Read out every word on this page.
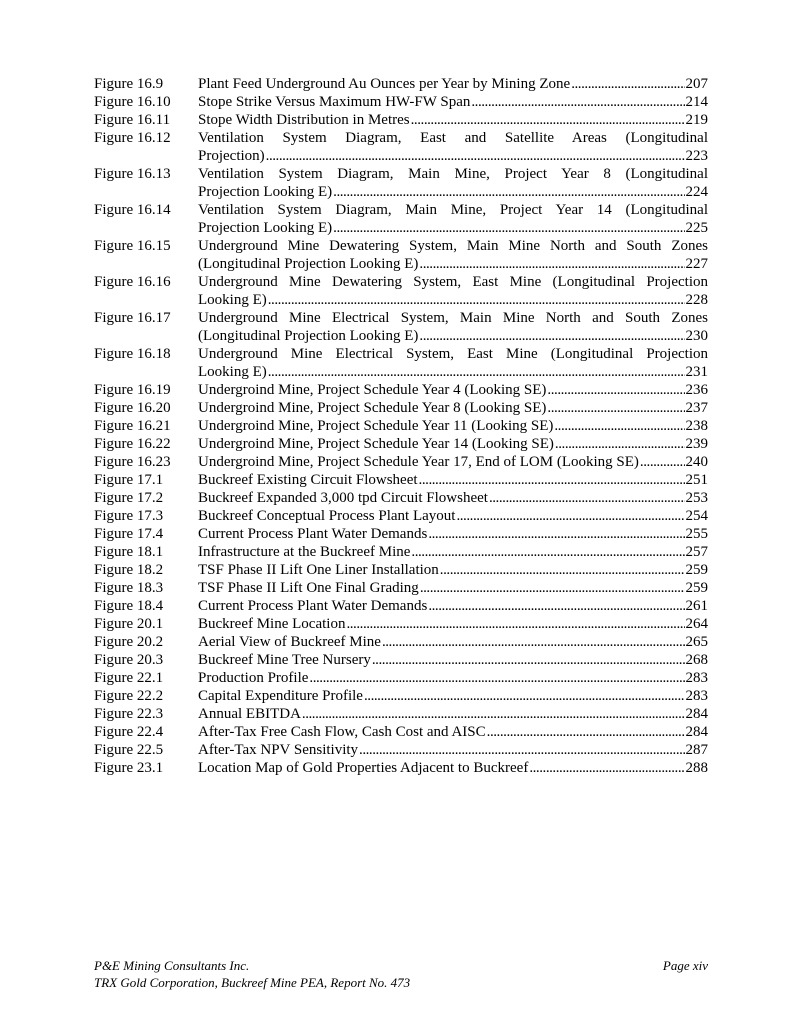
Figure 16.9	Plant Feed Underground Au Ounces per Year by Mining Zone . . .	207
Figure 16.10	Stope Strike Versus Maximum HW-FW Span . . .	214
Figure 16.11	Stope Width Distribution in Metres . . .	219
Figure 16.12	Ventilation System Diagram, East and Satellite Areas (Longitudinal
Projection) . . .	223
Figure 16.13	Ventilation System Diagram, Main Mine, Project Year 8 (Longitudinal
Projection Looking E) . . .	224
Figure 16.14	Ventilation System Diagram, Main Mine, Project Year 14 (Longitudinal
Projection Looking E) . . .	225
Figure 16.15	Underground Mine Dewatering System, Main Mine North and South Zones
(Longitudinal Projection Looking E) . . .	227
Figure 16.16	Underground Mine Dewatering System, East Mine (Longitudinal Projection
Looking E) . . .	228
Figure 16.17	Underground Mine Electrical System, Main Mine North and South Zones
(Longitudinal Projection Looking E) . . .	230
Figure 16.18	Underground Mine Electrical System, East Mine (Longitudinal Projection
Looking E) . . .	231
Figure 16.19	Undergroind Mine, Project Schedule Year 4 (Looking SE) . . .	236
Figure 16.20	Undergroind Mine, Project Schedule Year 8 (Looking SE) . . .	237
Figure 16.21	Undergroind Mine, Project Schedule Year 11 (Looking SE) . . .	238
Figure 16.22	Undergroind Mine, Project Schedule Year 14 (Looking SE) . . .	239
Figure 16.23	Undergroind Mine, Project Schedule Year 17, End of LOM (Looking SE) . . .	240
Figure 17.1	Buckreef Existing Circuit Flowsheet . . .	251
Figure 17.2	Buckreef Expanded 3,000 tpd Circuit Flowsheet . . .	253
Figure 17.3	Buckreef Conceptual Process Plant Layout . . .	254
Figure 17.4	Current Process Plant Water Demands . . .	255
Figure 18.1	Infrastructure at the Buckreef Mine . . .	257
Figure 18.2	TSF Phase II Lift One Liner Installation . . .	259
Figure 18.3	TSF Phase II Lift One Final Grading . . .	259
Figure 18.4	Current Process Plant Water Demands . . .	261
Figure 20.1	Buckreef Mine Location . . .	264
Figure 20.2	Aerial View of Buckreef Mine . . .	265
Figure 20.3	Buckreef Mine Tree Nursery . . .	268
Figure 22.1	Production Profile . . .	283
Figure 22.2	Capital Expenditure Profile . . .	283
Figure 22.3	Annual EBITDA . . .	284
Figure 22.4	After-Tax Free Cash Flow, Cash Cost and AISC . . .	284
Figure 22.5	After-Tax NPV Sensitivity . . .	287
Figure 23.1	Location Map of Gold Properties Adjacent to Buckreef . . .	288
P&E Mining Consultants Inc.	Page xiv
TRX Gold Corporation, Buckreef Mine PEA, Report No. 473
